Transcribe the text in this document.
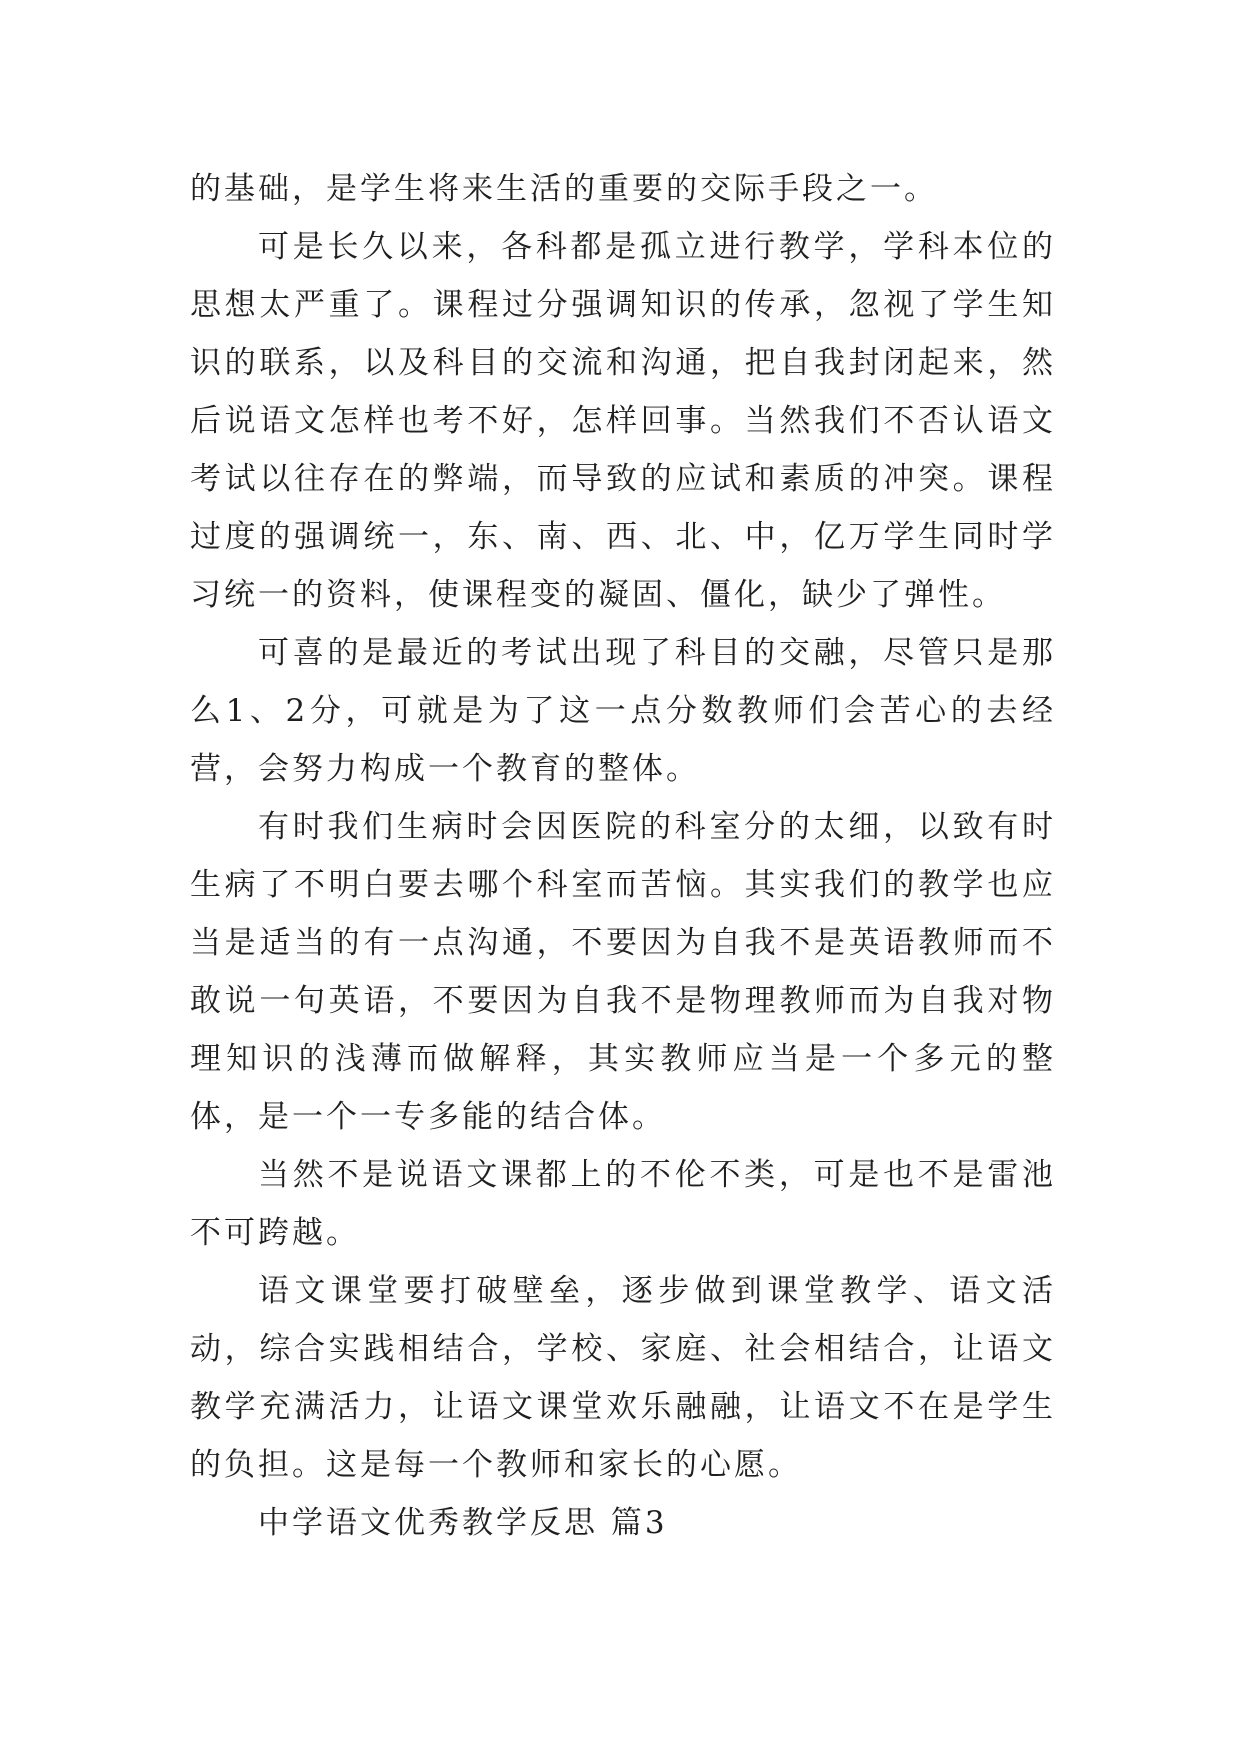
的基础，是学生将来生活的重要的交际手段之一。

可是长久以来，各科都是孤立进行教学，学科本位的思想太严重了。课程过分强调知识的传承，忽视了学生知识的联系，以及科目的交流和沟通，把自我封闭起来，然后说语文怎样也考不好，怎样回事。当然我们不否认语文考试以往存在的弊端，而导致的应试和素质的冲突。课程过度的强调统一，东、南、西、北、中，亿万学生同时学习统一的资料，使课程变的凝固、僵化，缺少了弹性。

可喜的是最近的考试出现了科目的交融，尽管只是那么1、2分，可就是为了这一点分数教师们会苦心的去经营，会努力构成一个教育的整体。

有时我们生病时会因医院的科室分的太细，以致有时生病了不明白要去哪个科室而苦恼。其实我们的教学也应当是适当的有一点沟通，不要因为自我不是英语教师而不敢说一句英语，不要因为自我不是物理教师而为自我对物理知识的浅薄而做解释，其实教师应当是一个多元的整体，是一个一专多能的结合体。

当然不是说语文课都上的不伦不类，可是也不是雷池不可跨越。

语文课堂要打破壁垒，逐步做到课堂教学、语文活动，综合实践相结合，学校、家庭、社会相结合，让语文教学充满活力，让语文课堂欢乐融融，让语文不在是学生的负担。这是每一个教师和家长的心愿。

中学语文优秀教学反思 篇3
